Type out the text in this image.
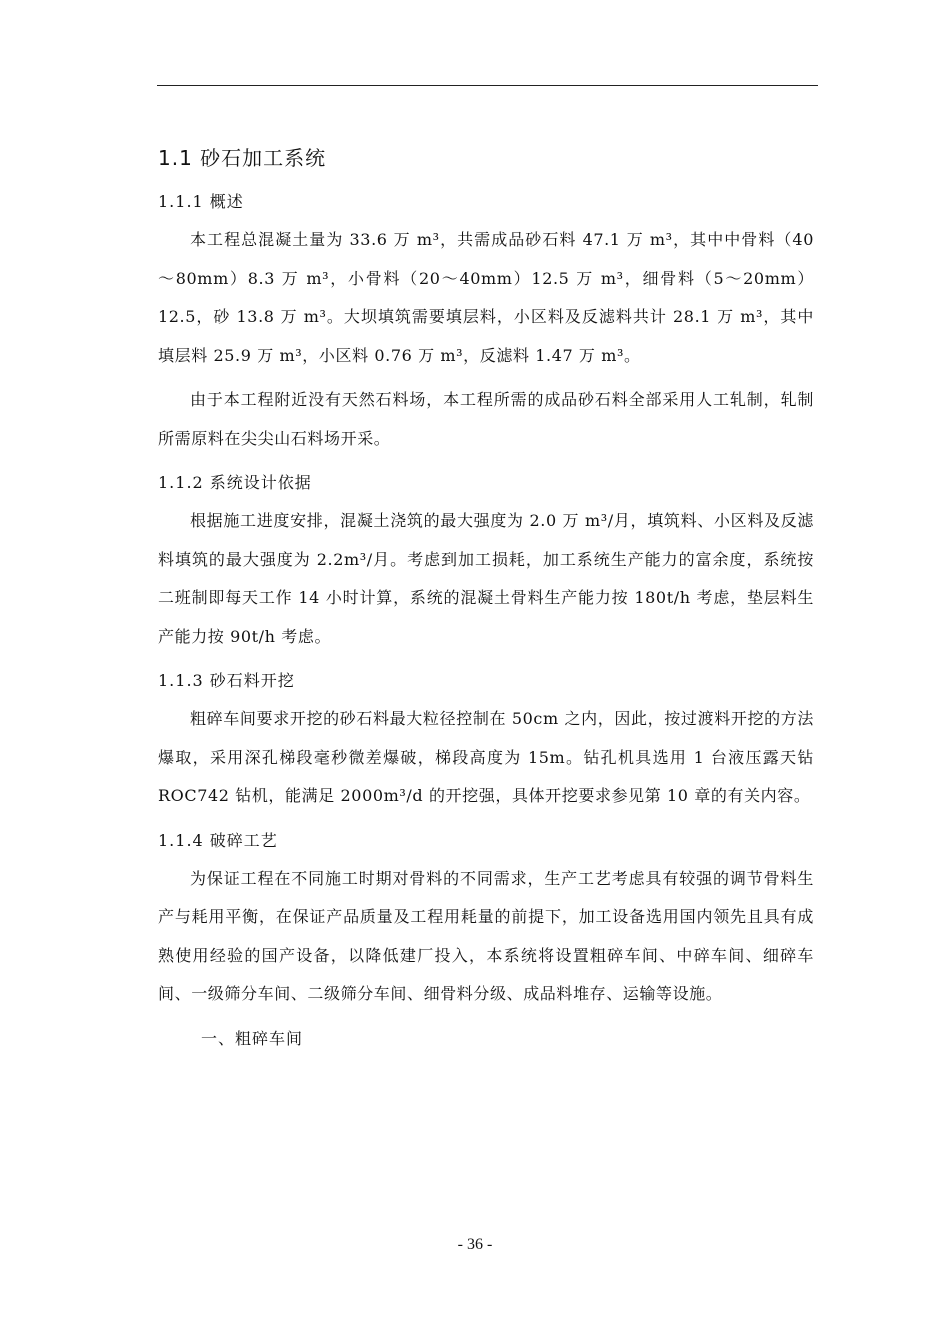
1.1 砂石加工系统
1.1.1 概述

本工程总混凝土量为 33.6 万 m³，共需成品砂石料 47.1 万 m³，其中中骨料（40～80mm）8.3 万 m³，小骨料（20～40mm）12.5 万 m³，细骨料（5～20mm）12.5，砂 13.8 万 m³。大坝填筑需要填层料，小区料及反滤料共计 28.1 万 m³，其中填层料 25.9 万 m³，小区料 0.76 万 m³，反滤料 1.47 万 m³。

由于本工程附近没有天然石料场，本工程所需的成品砂石料全部采用人工轧制，轧制所需原料在尖尖山石料场开采。

1.1.2 系统设计依据

根据施工进度安排，混凝土浇筑的最大强度为 2.0 万 m³/月，填筑料、小区料及反滤料填筑的最大强度为 2.2m³/月。考虑到加工损耗，加工系统生产能力的富余度，系统按二班制即每天工作 14 小时计算，系统的混凝土骨料生产能力按 180t/h 考虑，垫层料生产能力按 90t/h 考虑。

1.1.3 砂石料开挖

粗碎车间要求开挖的砂石料最大粒径控制在 50cm 之内，因此，按过渡料开挖的方法爆取，采用深孔梯段毫秒微差爆破，梯段高度为 15m。钻孔机具选用 1 台液压露天钻 ROC742 钻机，能满足 2000m³/d 的开挖强，具体开挖要求参见第 10 章的有关内容。

1.1.4 破碎工艺

为保证工程在不同施工时期对骨料的不同需求，生产工艺考虑具有较强的调节骨料生产与耗用平衡，在保证产品质量及工程用耗量的前提下，加工设备选用国内领先且具有成熟使用经验的国产设备，以降低建厂投入，本系统将设置粗碎车间、中碎车间、细碎车间、一级筛分车间、二级筛分车间、细骨料分级、成品料堆存、运输等设施。

一、粗碎车间
- 36 -
